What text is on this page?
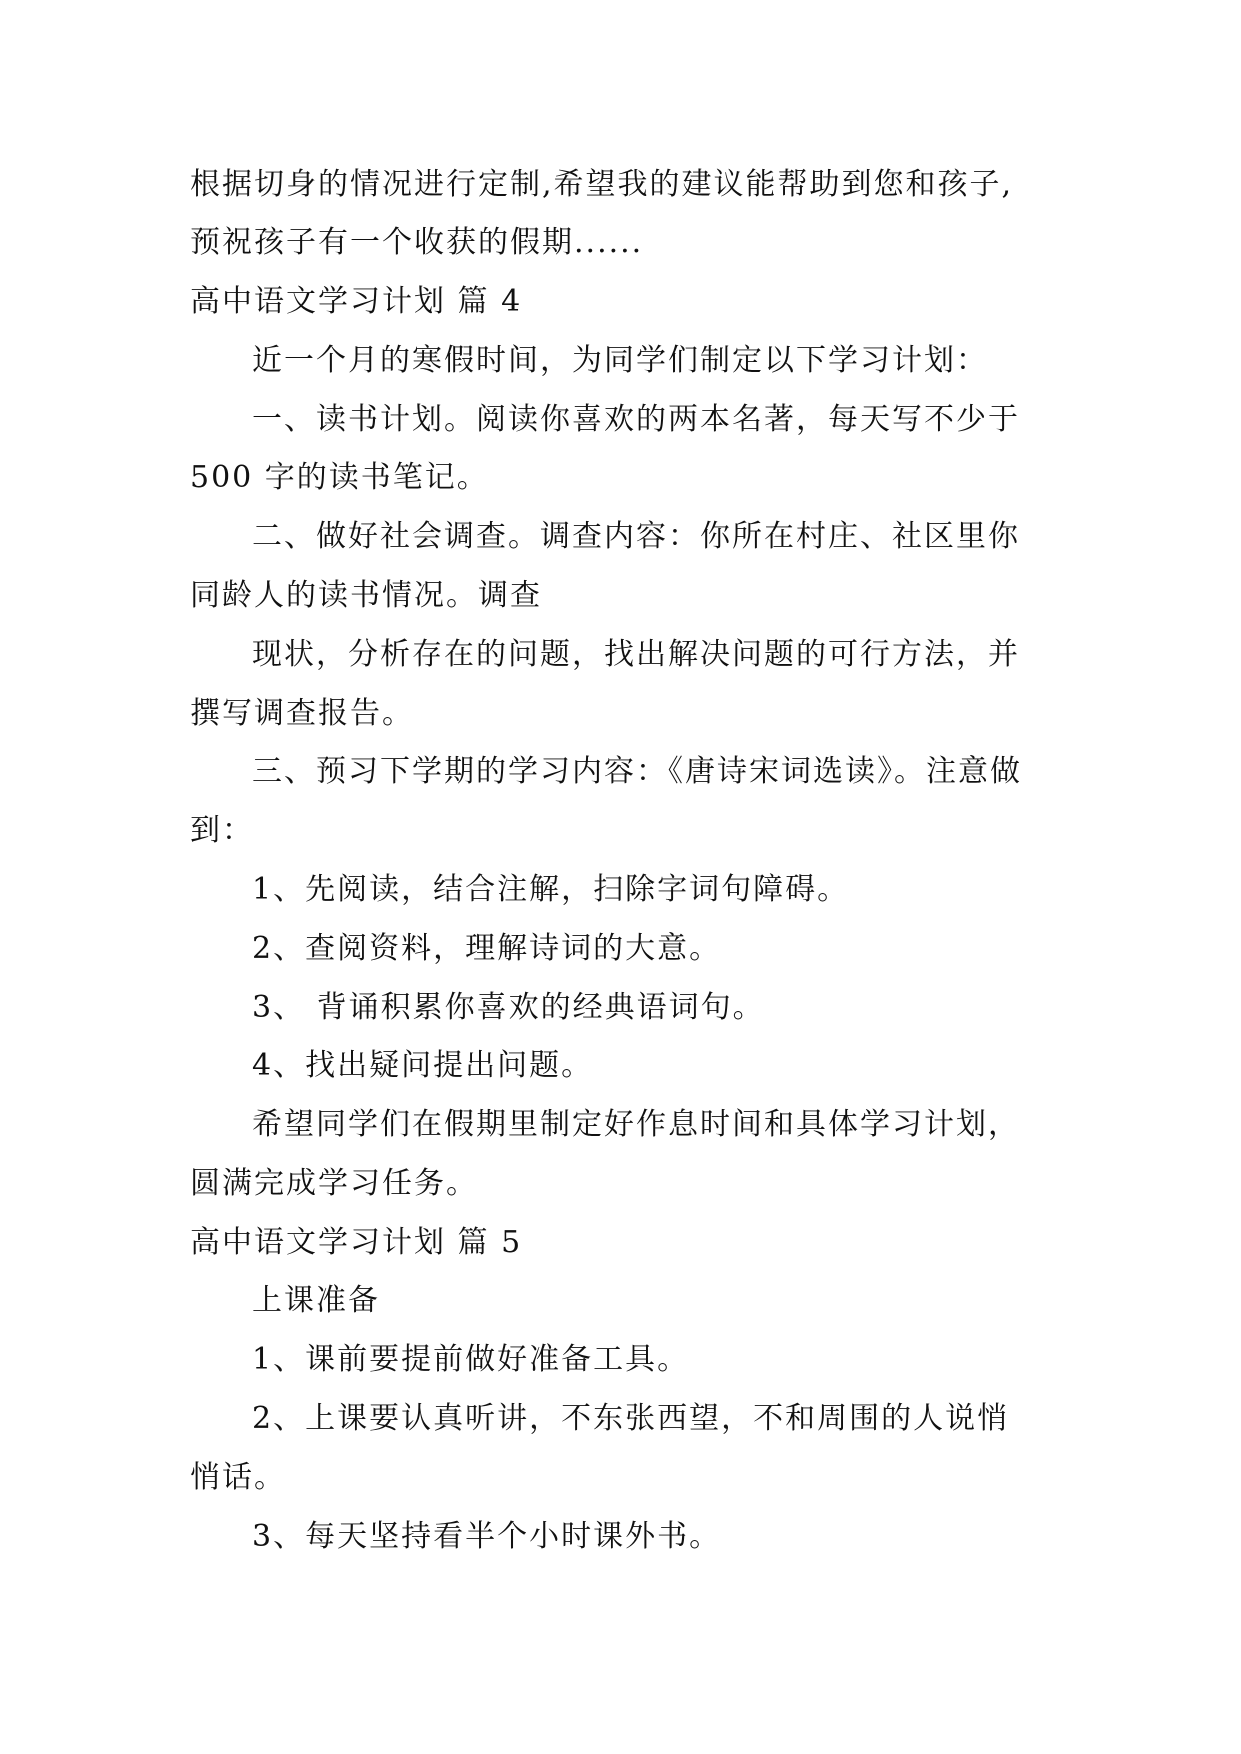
根据切身的情况进行定制,希望我的建议能帮助到您和孩子,
预祝孩子有一个收获的假期......
高中语文学习计划 篇 4
近一个月的寒假时间，为同学们制定以下学习计划：
一、读书计划。阅读你喜欢的两本名著，每天写不少于
500 字的读书笔记。
二、做好社会调查。调查内容：你所在村庄、社区里你
同龄人的读书情况。调查
现状，分析存在的问题，找出解决问题的可行方法，并
撰写调查报告。
三、预习下学期的学习内容：《唐诗宋词选读》。注意做
到：
1、先阅读，结合注解，扫除字词句障碍。
2、查阅资料，理解诗词的大意。
3、 背诵积累你喜欢的经典语词句。
4、找出疑问提出问题。
希望同学们在假期里制定好作息时间和具体学习计划，
圆满完成学习任务。
高中语文学习计划 篇 5
上课准备
1、课前要提前做好准备工具。
2、上课要认真听讲，不东张西望，不和周围的人说悄
悄话。
3、每天坚持看半个小时课外书。
